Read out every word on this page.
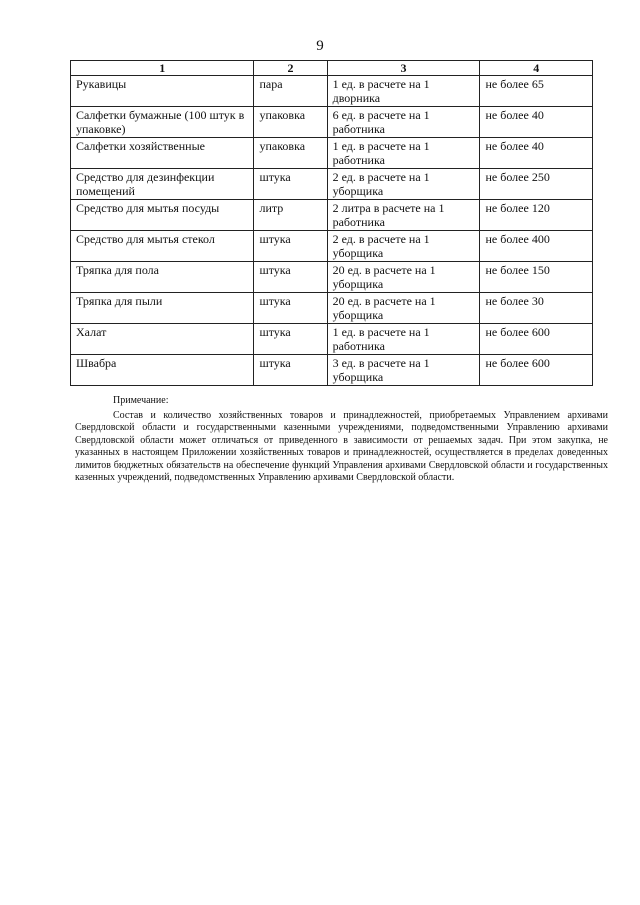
9
1	2	3	4
Рукавицы	пара	1 ед. в расчете на 1 дворника	не более 65
Салфетки бумажные (100 штук в упаковке)	упаковка	6 ед. в расчете на 1 работника	не более 40
Салфетки хозяйственные	упаковка	1 ед. в расчете на 1 работника	не более 40
Средство для дезинфекции помещений	штука	2 ед. в расчете на 1 уборщика	не более 250
Средство для мытья посуды	литр	2 литра в расчете на 1 работника	не более 120
Средство для мытья стекол	штука	2 ед. в расчете на 1 уборщика	не более 400
Тряпка для пола	штука	20 ед. в расчете на 1 уборщика	не более 150
Тряпка для пыли	штука	20 ед. в расчете на 1 уборщика	не более 30
Халат	штука	1 ед. в расчете на 1 работника	не более 600
Швабра	штука	3 ед. в расчете на 1 уборщика	не более 600

Примечание:

Состав и количество хозяйственных товаров и принадлежностей, приобретаемых Управлением архивами Свердловской области и государственными казенными учреждениями, подведомственными Управлению архивами Свердловской области может отличаться от приведенного в зависимости от решаемых задач. При этом закупка, не указанных в настоящем Приложении хозяйственных товаров и принадлежностей, осуществляется в пределах доведенных лимитов бюджетных обязательств на обеспечение функций Управления архивами Свердловской области и государственных казенных учреждений, подведомственных Управлению архивами Свердловской области.
